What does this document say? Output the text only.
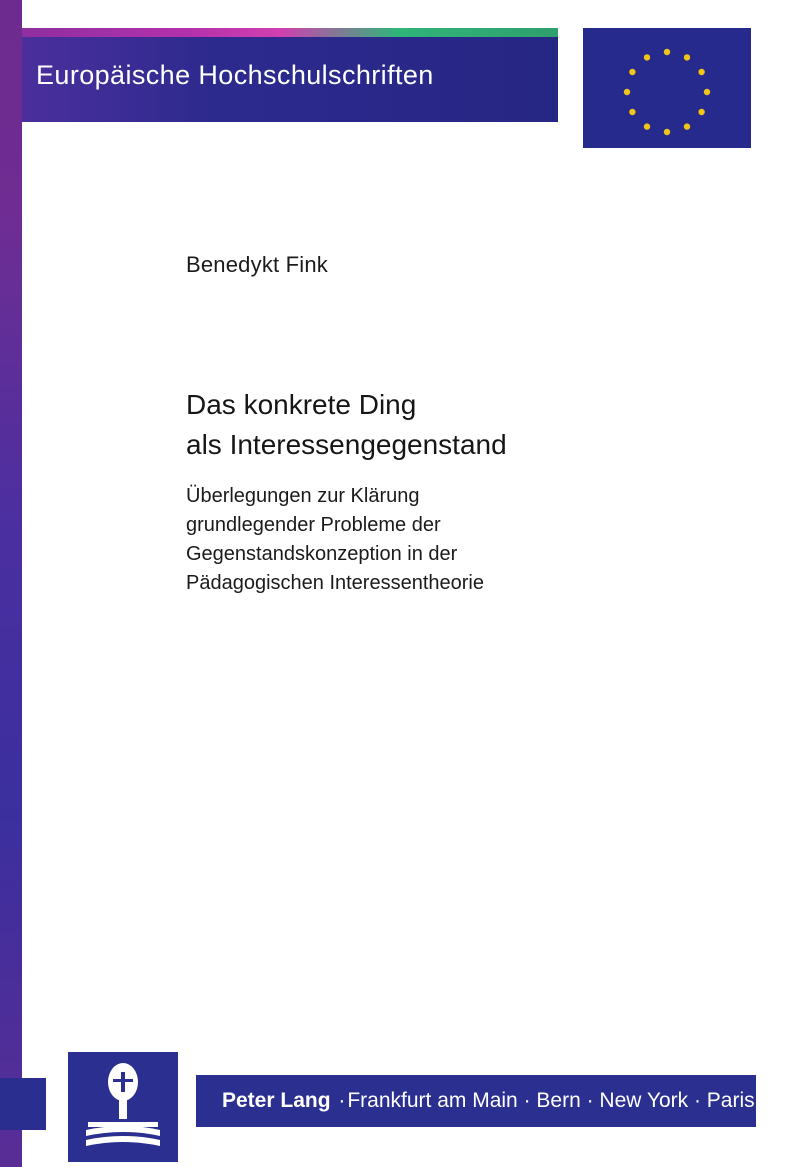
Europäische Hochschulschriften
Benedykt Fink
Das konkrete Ding
als Interessengegenstand
Überlegungen zur Klärung
grundlegender Probleme der
Gegenstandskonzeption in der
Pädagogischen Interessentheorie
Peter Lang ·Frankfurt am Main · Bern · New York · Paris
